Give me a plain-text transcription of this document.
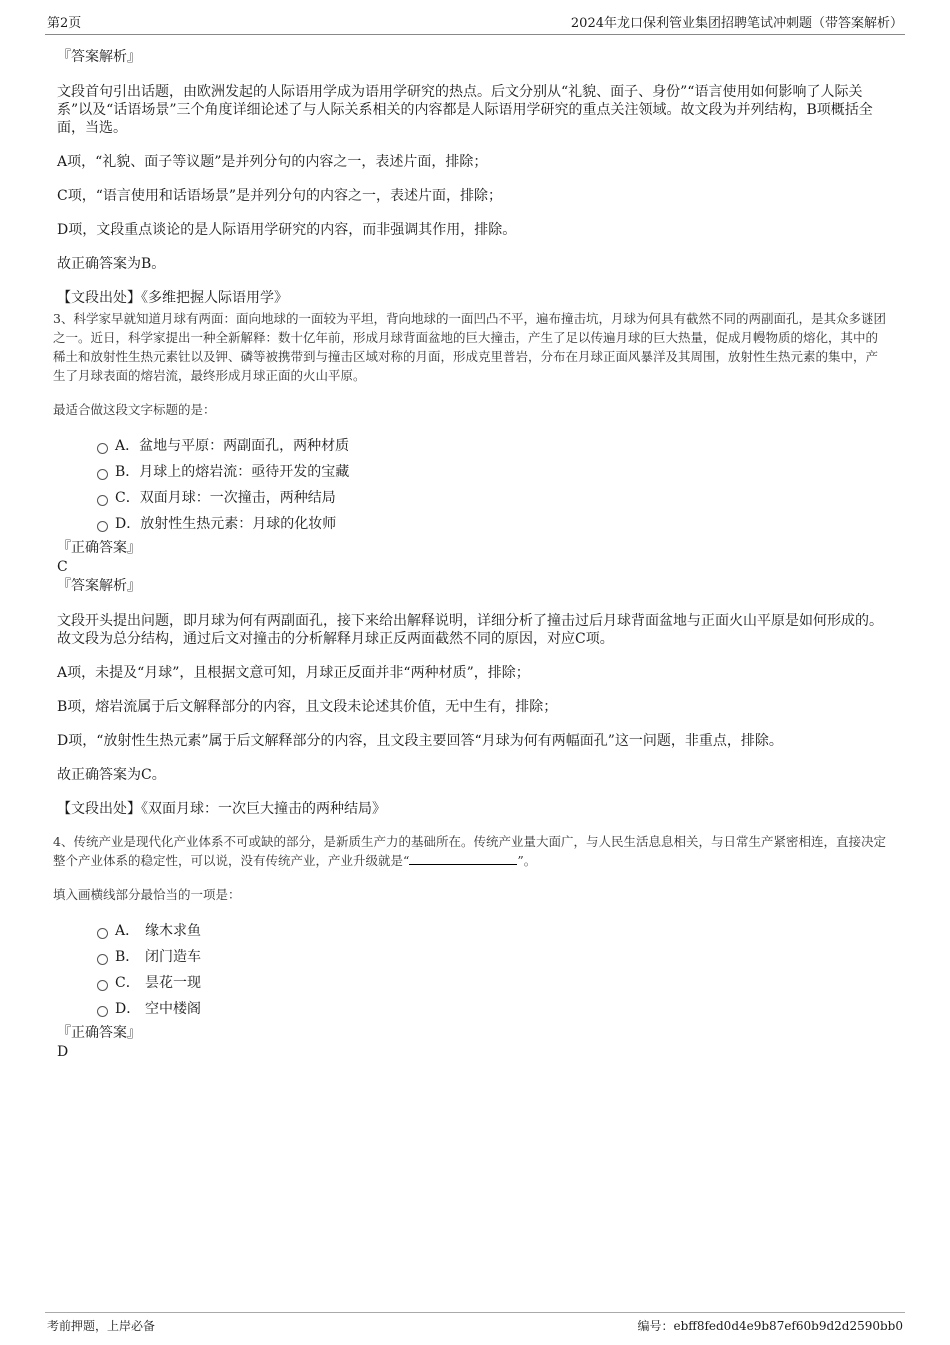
第2页	2024年龙口保利管业集团招聘笔试冲刺题（带答案解析）

『答案解析』

文段首句引出话题，由欧洲发起的人际语用学成为语用学研究的热点。后文分别从“礼貌、面子、身份”“语言使用如何影响了人际关系”以及“话语场景”三个角度详细论述了与人际关系相关的内容都是人际语用学研究的重点关注领域。故文段为并列结构，B项概括全面，当选。

A项，“礼貌、面子等议题”是并列分句的内容之一，表述片面，排除；

C项，“语言使用和话语场景”是并列分句的内容之一，表述片面，排除；

D项，文段重点谈论的是人际语用学研究的内容，而非强调其作用，排除。

故正确答案为B。

【文段出处】《多维把握人际语用学》

3、科学家早就知道月球有两面：面向地球的一面较为平坦，背向地球的一面凹凸不平，遍布撞击坑，月球为何具有截然不同的两副面孔，是其众多谜团之一。近日，科学家提出一种全新解释：数十亿年前，形成月球背面盆地的巨大撞击，产生了足以传遍月球的巨大热量，促成月幔物质的熔化，其中的稀土和放射性生热元素钍以及钾、磷等被携带到与撞击区域对称的月面，形成克里普岩，分布在月球正面风暴洋及其周围，放射性生热元素的集中，产生了月球表面的熔岩流，最终形成月球正面的火山平原。

最适合做这段文字标题的是：

A．盆地与平原：两副面孔，两种材质
B．月球上的熔岩流：亟待开发的宝藏
C．双面月球：一次撞击，两种结局
D．放射性生热元素：月球的化妆师

『正确答案』

C

『答案解析』

文段开头提出问题，即月球为何有两副面孔，接下来给出解释说明，详细分析了撞击过后月球背面盆地与正面火山平原是如何形成的。故文段为总分结构，通过后文对撞击的分析解释月球正反两面截然不同的原因，对应C项。

A项，未提及“月球”，且根据文意可知，月球正反面并非“两种材质”，排除；

B项，熔岩流属于后文解释部分的内容，且文段未论述其价值，无中生有，排除；

D项，“放射性生热元素”属于后文解释部分的内容，且文段主要回答“月球为何有两幅面孔”这一问题，非重点，排除。

故正确答案为C。

【文段出处】《双面月球：一次巨大撞击的两种结局》

4、传统产业是现代化产业体系不可或缺的部分，是新质生产力的基础所在。传统产业量大面广，与人民生活息息相关，与日常生产紧密相连，直接决定整个产业体系的稳定性，可以说，没有传统产业，产业升级就是“	”。

填入画横线部分最恰当的一项是：

A． 缘木求鱼
B． 闭门造车
C． 昙花一现
D． 空中楼阁

『正确答案』

D

考前押题，上岸必备	编号：ebff8fed0d4e9b87ef60b9d2d2590bb0
